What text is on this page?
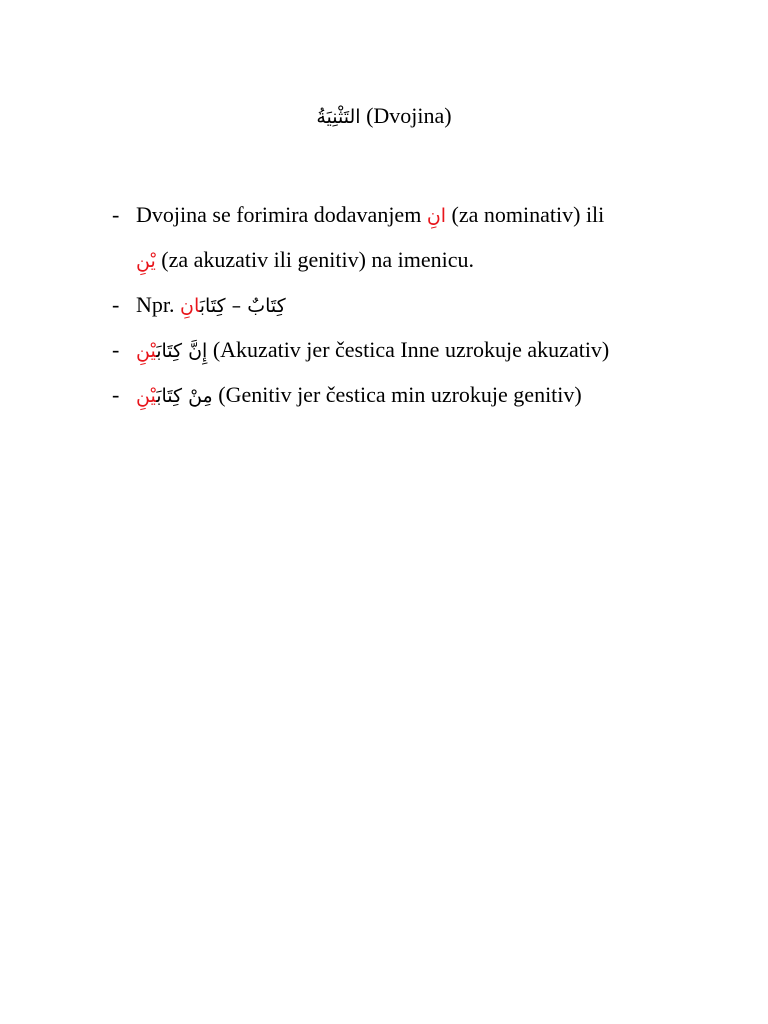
التَثْنِيَةُ (Dvojina)
- Dvojina se forimira dodavanjem انِ (za nominativ) ili
يْنِ (za akuzativ ili genitiv) na imenicu.
- Npr. كِتَابٌ – كِتَابَانِ
- إِنَّ كِتَابَيْنِ (Akuzativ jer čestica Inne uzrokuje akuzativ)
- مِنْ كِتَابَيْنِ	(Genitiv jer čestica min uzrokuje genitiv)
